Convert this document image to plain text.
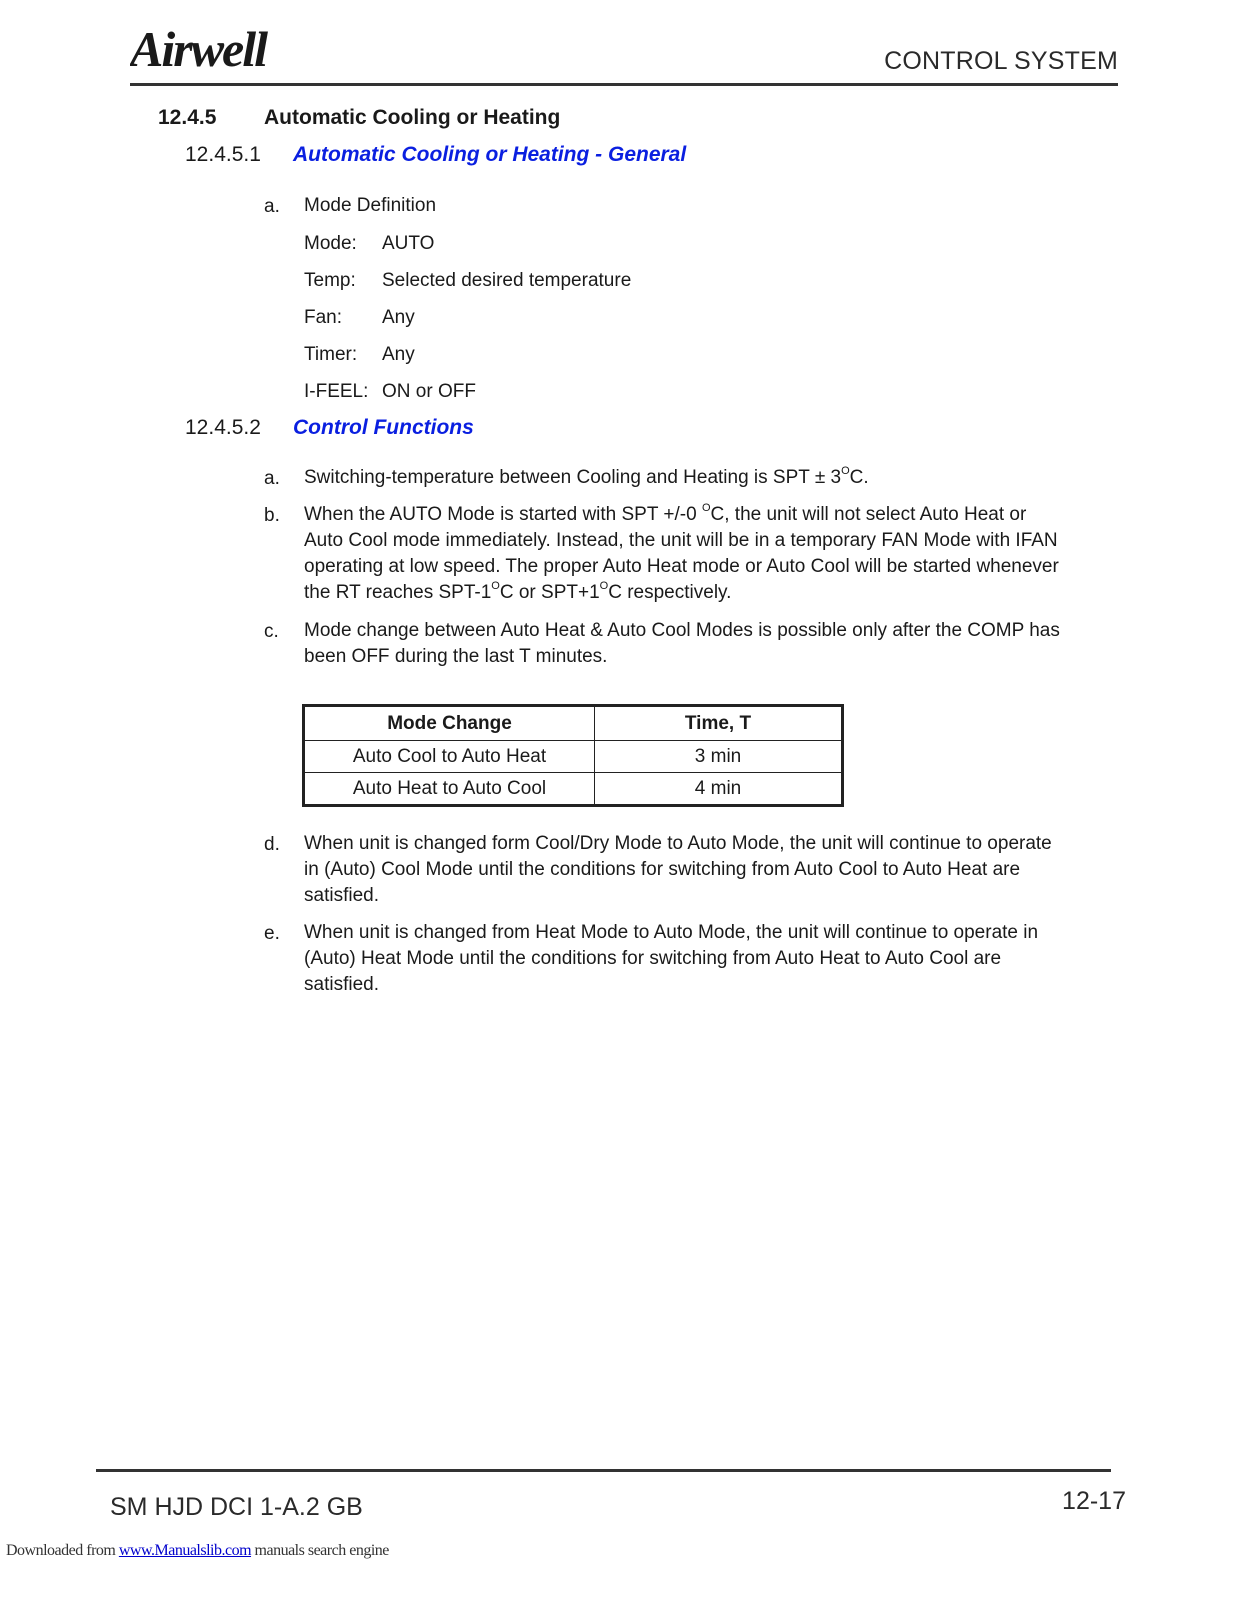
Airwell	CONTROL SYSTEM
12.4.5 Automatic Cooling or Heating
12.4.5.1 Automatic Cooling or Heating - General
a. Mode Definition
Mode: AUTO
Temp: Selected desired temperature
Fan: Any
Timer: Any
I-FEEL: ON or OFF
12.4.5.2 Control Functions
a. Switching-temperature between Cooling and Heating is SPT ± $3^OC$.
b. When the AUTO Mode is started with SPT +/-0 $^O$C, the unit will not select Auto Heat or Auto Cool mode immediately. Instead, the unit will be in a temporary FAN Mode with IFAN operating at low speed. The proper Auto Heat mode or Auto Cool will be started whenever the RT reaches SPT-$1^OC$ or $SPT+1^OC$ respectively.
c. Mode change between Auto Heat & Auto Cool Modes is possible only after the COMP has been OFF during the last T minutes.
Mode Change	Time, T
Auto Cool to Auto Heat	3 min
Auto Heat to Auto Cool	4 min
d. When unit is changed form Cool/Dry Mode to Auto Mode, the unit will continue to operate in (Auto) Cool Mode until the conditions for switching from Auto Cool to Auto Heat are satisfied.
e. When unit is changed from Heat Mode to Auto Mode, the unit will continue to operate in (Auto) Heat Mode until the conditions for switching from Auto Heat to Auto Cool are satisfied.
SM HJD DCI 1-A.2 GB	12-17
Downloaded from www.Manualslib.com manuals search engine
